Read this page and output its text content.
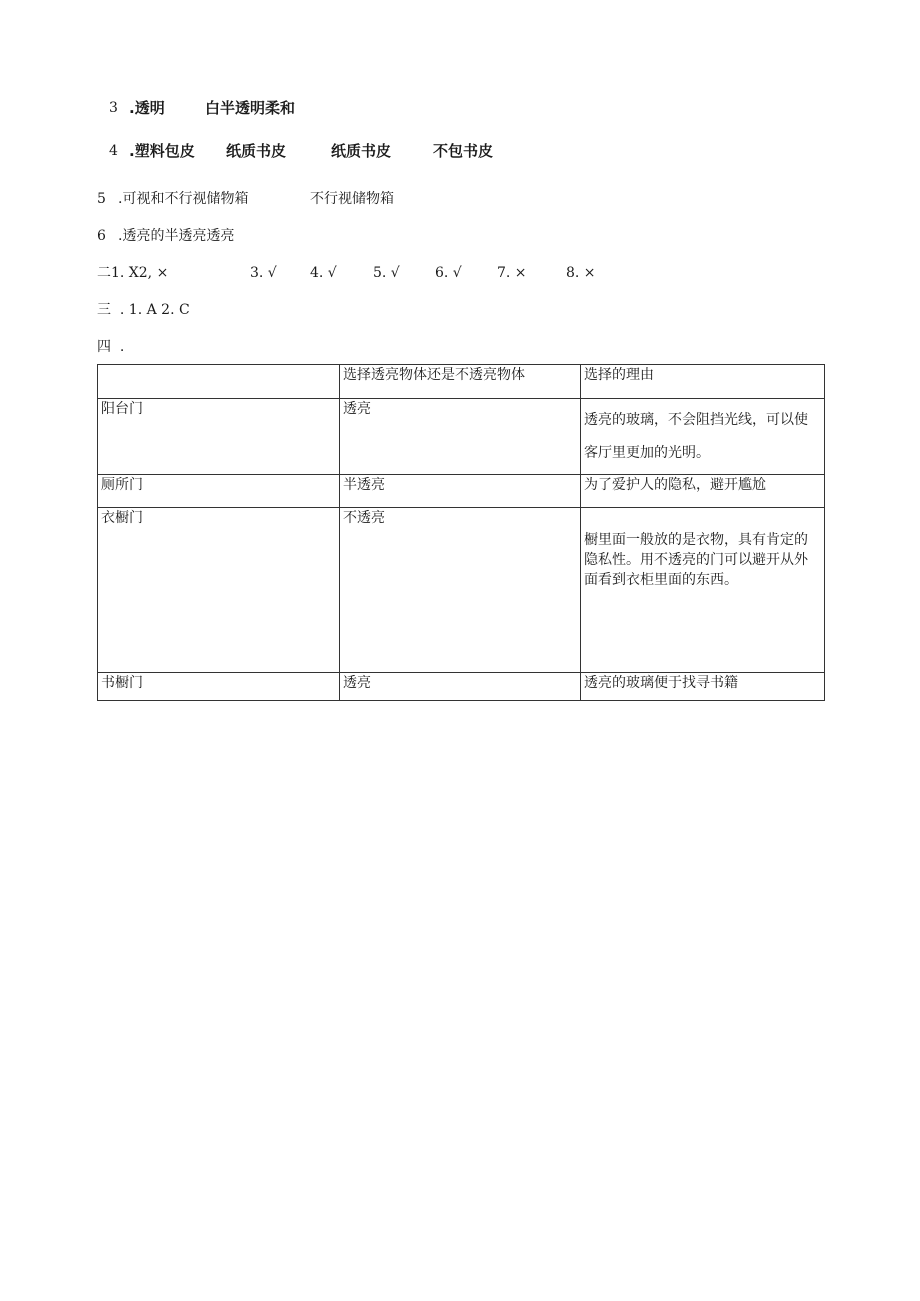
3 .透明	白半透明柔和
4 .塑料包皮 纸质书皮	纸质书皮	不包书皮
5 .可视和不行视储物箱	不行视储物箱
6 .透亮的半透亮透亮
二1. X2, ×	3. √ 4. √	5. √	6. √	7. ×	8. ×
三  . 1. A 2. C
四  .
	选择透亮物体还是不透亮物体	选择的理由
阳台门	透亮	透亮的玻璃，不会阻挡光线，可以使客厅里更加的光明。
厕所门	半透亮	为了爱护人的隐私，避开尴尬
衣橱门	不透亮	橱里面一般放的是衣物，具有肯定的隐私性。用不透亮的门可以避开从外面看到衣柜里面的东西。
书橱门	透亮	透亮的玻璃便于找寻书籍
